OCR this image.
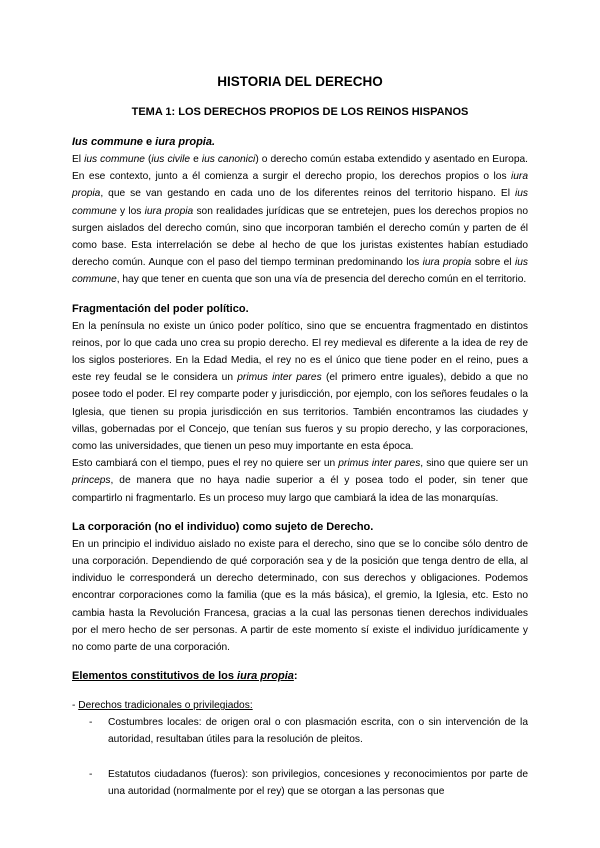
HISTORIA DEL DERECHO
TEMA 1: LOS DERECHOS PROPIOS DE LOS REINOS HISPANOS
Ius commune e iura propia.

El ius commune (ius civile e ius canonici) o derecho común estaba extendido y asentado en Europa. En ese contexto, junto a él comienza a surgir el derecho propio, los derechos propios o los iura propia, que se van gestando en cada uno de los diferentes reinos del territorio hispano. El ius commune y los iura propia son realidades jurídicas que se entretejen, pues los derechos propios no surgen aislados del derecho común, sino que incorporan también el derecho común y parten de él como base. Esta interrelación se debe al hecho de que los juristas existentes habían estudiado derecho común. Aunque con el paso del tiempo terminan predominando los iura propia sobre el ius commune, hay que tener en cuenta que son una vía de presencia del derecho común en el territorio.

Fragmentación del poder político.

En la península no existe un único poder político, sino que se encuentra fragmentado en distintos reinos, por lo que cada uno crea su propio derecho. El rey medieval es diferente a la idea de rey de los siglos posteriores. En la Edad Media, el rey no es el único que tiene poder en el reino, pues a este rey feudal se le considera un primus inter pares (el primero entre iguales), debido a que no posee todo el poder. El rey comparte poder y jurisdicción, por ejemplo, con los señores feudales o la Iglesia, que tienen su propia jurisdicción en sus territorios. También encontramos las ciudades y villas, gobernadas por el Concejo, que tenían sus fueros y su propio derecho, y las corporaciones, como las universidades, que tienen un peso muy importante en esta época.

Esto cambiará con el tiempo, pues el rey no quiere ser un primus inter pares, sino que quiere ser un princeps, de manera que no haya nadie superior a él y posea todo el poder, sin tener que compartirlo ni fragmentarlo. Es un proceso muy largo que cambiará la idea de las monarquías.

La corporación (no el individuo) como sujeto de Derecho.

En un principio el individuo aislado no existe para el derecho, sino que se lo concibe sólo dentro de una corporación. Dependiendo de qué corporación sea y de la posición que tenga dentro de ella, al individuo le corresponderá un derecho determinado, con sus derechos y obligaciones. Podemos encontrar corporaciones como la familia (que es la más básica), el gremio, la Iglesia, etc. Esto no cambia hasta la Revolución Francesa, gracias a la cual las personas tienen derechos individuales por el mero hecho de ser personas. A partir de este momento sí existe el individuo jurídicamente y no como parte de una corporación.

Elementos constitutivos de los iura propia:

- Derechos tradicionales o privilegiados:

- Costumbres locales: de origen oral o con plasmación escrita, con o sin intervención de la autoridad, resultaban útiles para la resolución de pleitos.
- Estatutos ciudadanos (fueros): son privilegios, concesiones y reconocimientos por parte de una autoridad (normalmente por el rey) que se otorgan a las personas que
